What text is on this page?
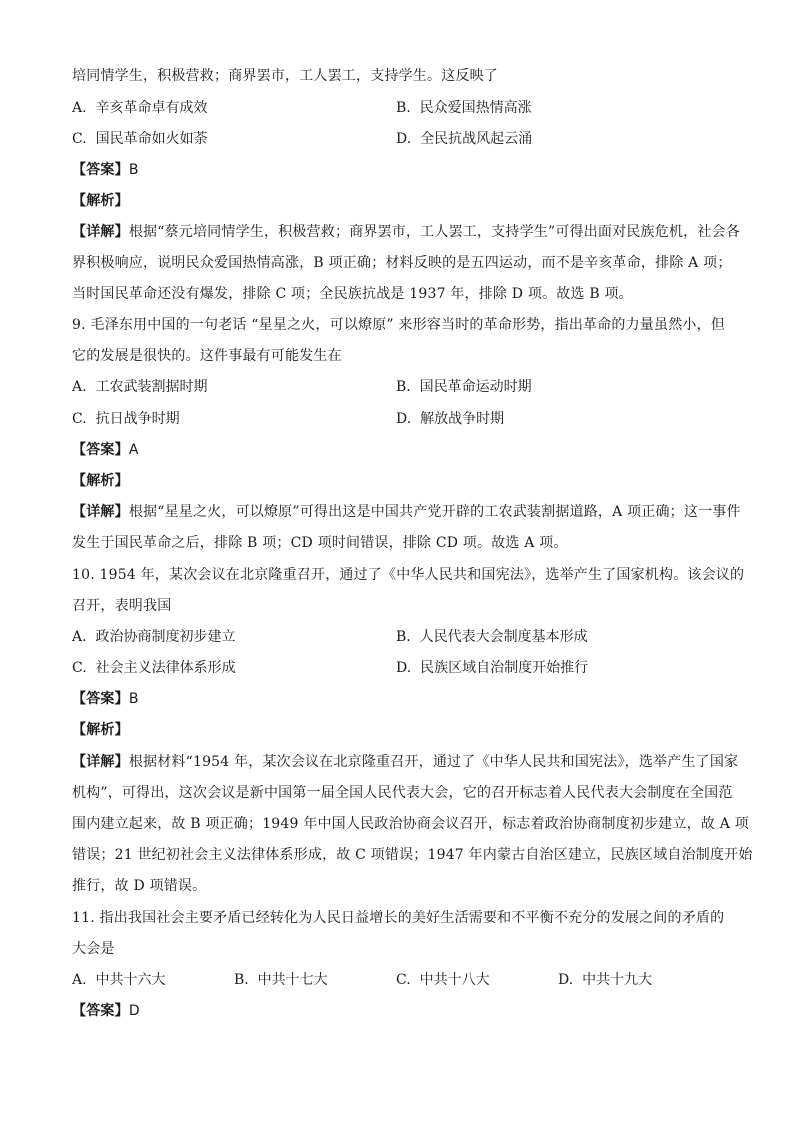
培同情学生，积极营救；商界罢市，工人罢工，支持学生。这反映了
A. 辛亥革命卓有成效	B. 民众爱国热情高涨
C. 国民革命如火如荼	D. 全民抗战风起云涌
【答案】B
【解析】
【详解】根据“蔡元培同情学生，积极营救；商界罢市，工人罢工，支持学生”可得出面对民族危机，社会各
界积极响应，说明民众爱国热情高涨，B 项正确；材料反映的是五四运动，而不是辛亥革命，排除 A 项；
当时国民革命还没有爆发，排除 C 项；全民族抗战是 1937 年，排除 D 项。故选 B 项。
9. 毛泽东用中国的一句老话 “星星之火，可以燎原” 来形容当时的革命形势，指出革命的力量虽然小，但
它的发展是很快的。这件事最有可能发生在
A. 工农武装割据时期	B. 国民革命运动时期
C. 抗日战争时期	D. 解放战争时期
【答案】A
【解析】
【详解】根据“星星之火，可以燎原”可得出这是中国共产党开辟的工农武装割据道路，A 项正确；这一事件
发生于国民革命之后，排除 B 项；CD 项时间错误，排除 CD 项。故选 A 项。
10. 1954 年，某次会议在北京隆重召开，通过了《中华人民共和国宪法》，选举产生了国家机构。该会议的
召开，表明我国
A. 政治协商制度初步建立	B. 人民代表大会制度基本形成
C. 社会主义法律体系形成	D. 民族区域自治制度开始推行
【答案】B
【解析】
【详解】根据材料“1954 年，某次会议在北京隆重召开，通过了《中华人民共和国宪法》，选举产生了国家
机构”，可得出，这次会议是新中国第一届全国人民代表大会，它的召开标志着人民代表大会制度在全国范
围内建立起来，故 B 项正确；1949 年中国人民政治协商会议召开，标志着政治协商制度初步建立，故 A 项
错误；21 世纪初社会主义法律体系形成，故 C 项错误；1947 年内蒙古自治区建立，民族区域自治制度开始
推行，故 D 项错误。
11. 指出我国社会主要矛盾已经转化为人民日益增长的美好生活需要和不平衡不充分的发展之间的矛盾的
大会是
A. 中共十六大	B. 中共十七大	C. 中共十八大	D. 中共十九大
【答案】D
